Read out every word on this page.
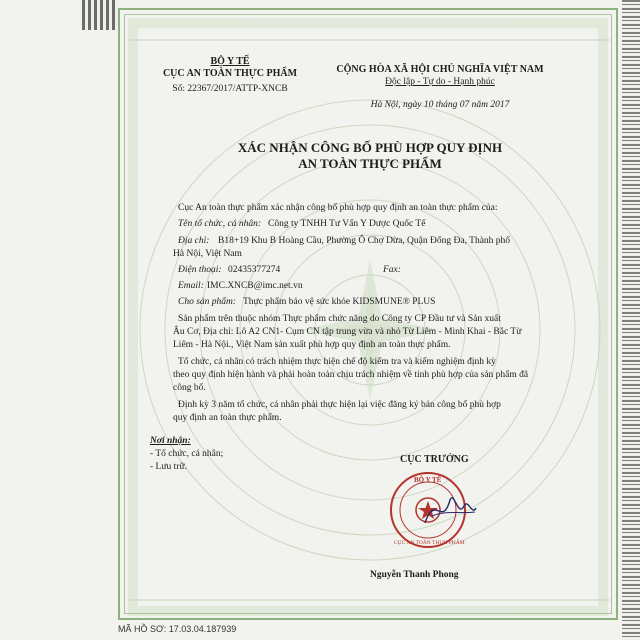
BỘ Y TẾ
CỤC AN TOÀN THỰC PHẨM
Số: 22367/2017/ATTP-XNCB
CỘNG HÒA XÃ HỘI CHỦ NGHĨA VIỆT NAM
Độc lập - Tự do - Hạnh phúc
Hà Nội, ngày 10 tháng 07 năm 2017
XÁC NHẬN CÔNG BỐ PHÙ HỢP QUY ĐỊNH
AN TOÀN THỰC PHẨM
Cục An toàn thực phẩm xác nhận công bố phù hợp quy định an toàn thực phẩm của:
Tên tổ chức, cá nhân: Công ty TNHH Tư Vấn Y Dược Quốc Tế
Địa chỉ: B18+19 Khu B Hoàng Cầu, Phường Ô Chợ Dừa, Quận Đống Đa, Thành phố
Hà Nội, Việt Nam
Điện thoại: 02435377274	Fax:
Email: IMC.XNCB@imc.net.vn
Cho sản phẩm: Thực phẩm bảo vệ sức khỏe KIDSMUNE® PLUS
Sản phẩm trên thuộc nhóm Thực phẩm chức năng do Công ty CP Đầu tư và Sản xuất
Âu Cơ, Địa chỉ: Lô A2 CN1- Cụm CN tập trung vừa và nhỏ Từ Liêm - Minh Khai - Bắc Từ
Liêm - Hà Nội., Việt Nam sản xuất phù hợp quy định an toàn thực phẩm.
Tổ chức, cá nhân có trách nhiệm thực hiện chế độ kiểm tra và kiểm nghiệm định kỳ
theo quy định hiện hành và phải hoàn toàn chịu trách nhiệm về tính phù hợp của sản phẩm đã
công bố.
Định kỳ 3 năm tổ chức, cá nhân phải thực hiện lại việc đăng ký bản công bố phù hợp
quy định an toàn thực phẩm.
Nơi nhận:
- Tổ chức, cá nhân;
- Lưu trữ.
CỤC TRƯỞNG
BỘ Y TẾ
CỤC AN TOÀN THỰC PHẨM
Nguyễn Thanh Phong
MÃ HỒ SƠ: 17.03.04.187939
